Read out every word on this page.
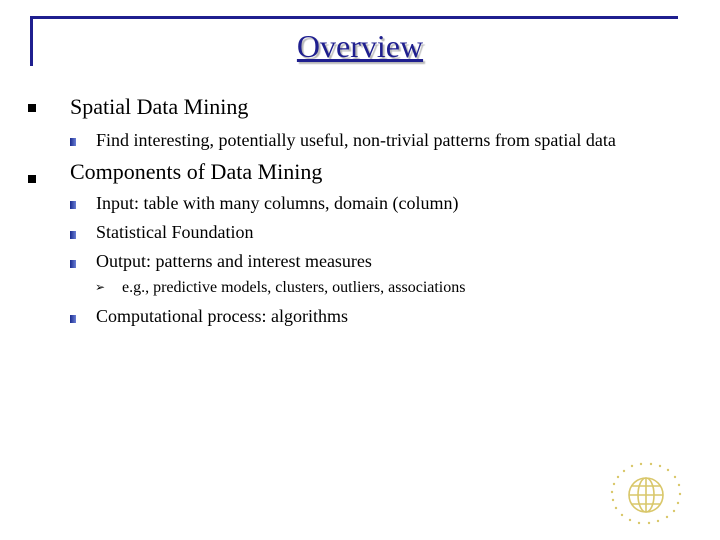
Overview
Spatial Data Mining
Find interesting, potentially useful, non-trivial patterns from spatial data
Components of Data Mining
Input: table with many columns, domain (column)
Statistical Foundation
Output: patterns and interest measures
➢ e.g., predictive models, clusters, outliers, associations
Computational process: algorithms
